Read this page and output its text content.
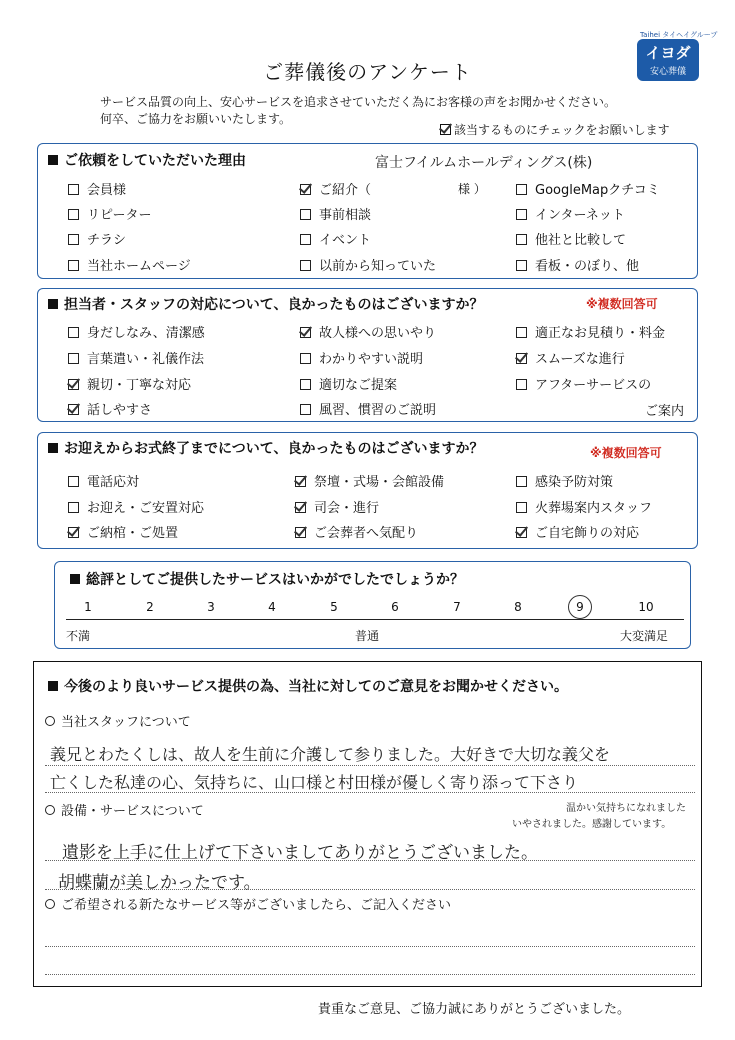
ご葬儀後のアンケート
サービス品質の向上、安心サービスを追求させていただく為にお客様の声をお聞かせください。
何卒、ご協力をお願いいたします。
該当するものにチェックをお願いします
Taihei タイヘイグループ
イヨダ
安心葬儀
ご依頼をしていただいた理由	富士フイルムホールディングス(株)
会員様	ご紹介（	様 ）	GoogleMapクチコミ
リピーター	事前相談	インターネット
チラシ	イベント	他社と比較して
当社ホームページ	以前から知っていた	看板・のぼり、他
担当者・スタッフの対応について、良かったものはございますか？	※複数回答可
身だしなみ、清潔感	故人様への思いやり	適正なお見積り・料金
言葉遣い・礼儀作法	わかりやすい説明	スムーズな進行
親切・丁寧な対応	適切なご提案	アフターサービスの
話しやすさ	風習、慣習のご説明	ご案内
お迎えからお式終了までについて、良かったものはございますか？	※複数回答可
電話応対	祭壇・式場・会館設備	感染予防対策
お迎え・ご安置対応	司会・進行	火葬場案内スタッフ
ご納棺・ご処置	ご会葬者へ気配り	ご自宅飾りの対応
総評としてご提供したサービスはいかがでしたでしょうか？
1	2	3	4	5	6	7	8	9	10
不満	普通	大変満足
今後のより良いサービス提供の為、当社に対してのご意見をお聞かせください。
当社スタッフについて
義兄とわたくしは、故人を生前に介護して参りました。大好きで大切な義父を
亡くした私達の心、気持ちに、山口様と村田様が優しく寄り添って下さり
温かい気持ちになれました
いやされました。感謝しています。
設備・サービスについて
遺影を上手に仕上げて下さいましてありがとうございました。
胡蝶蘭が美しかったです。
ご希望される新たなサービス等がございましたら、ご記入ください
貴重なご意見、ご協力誠にありがとうございました。
